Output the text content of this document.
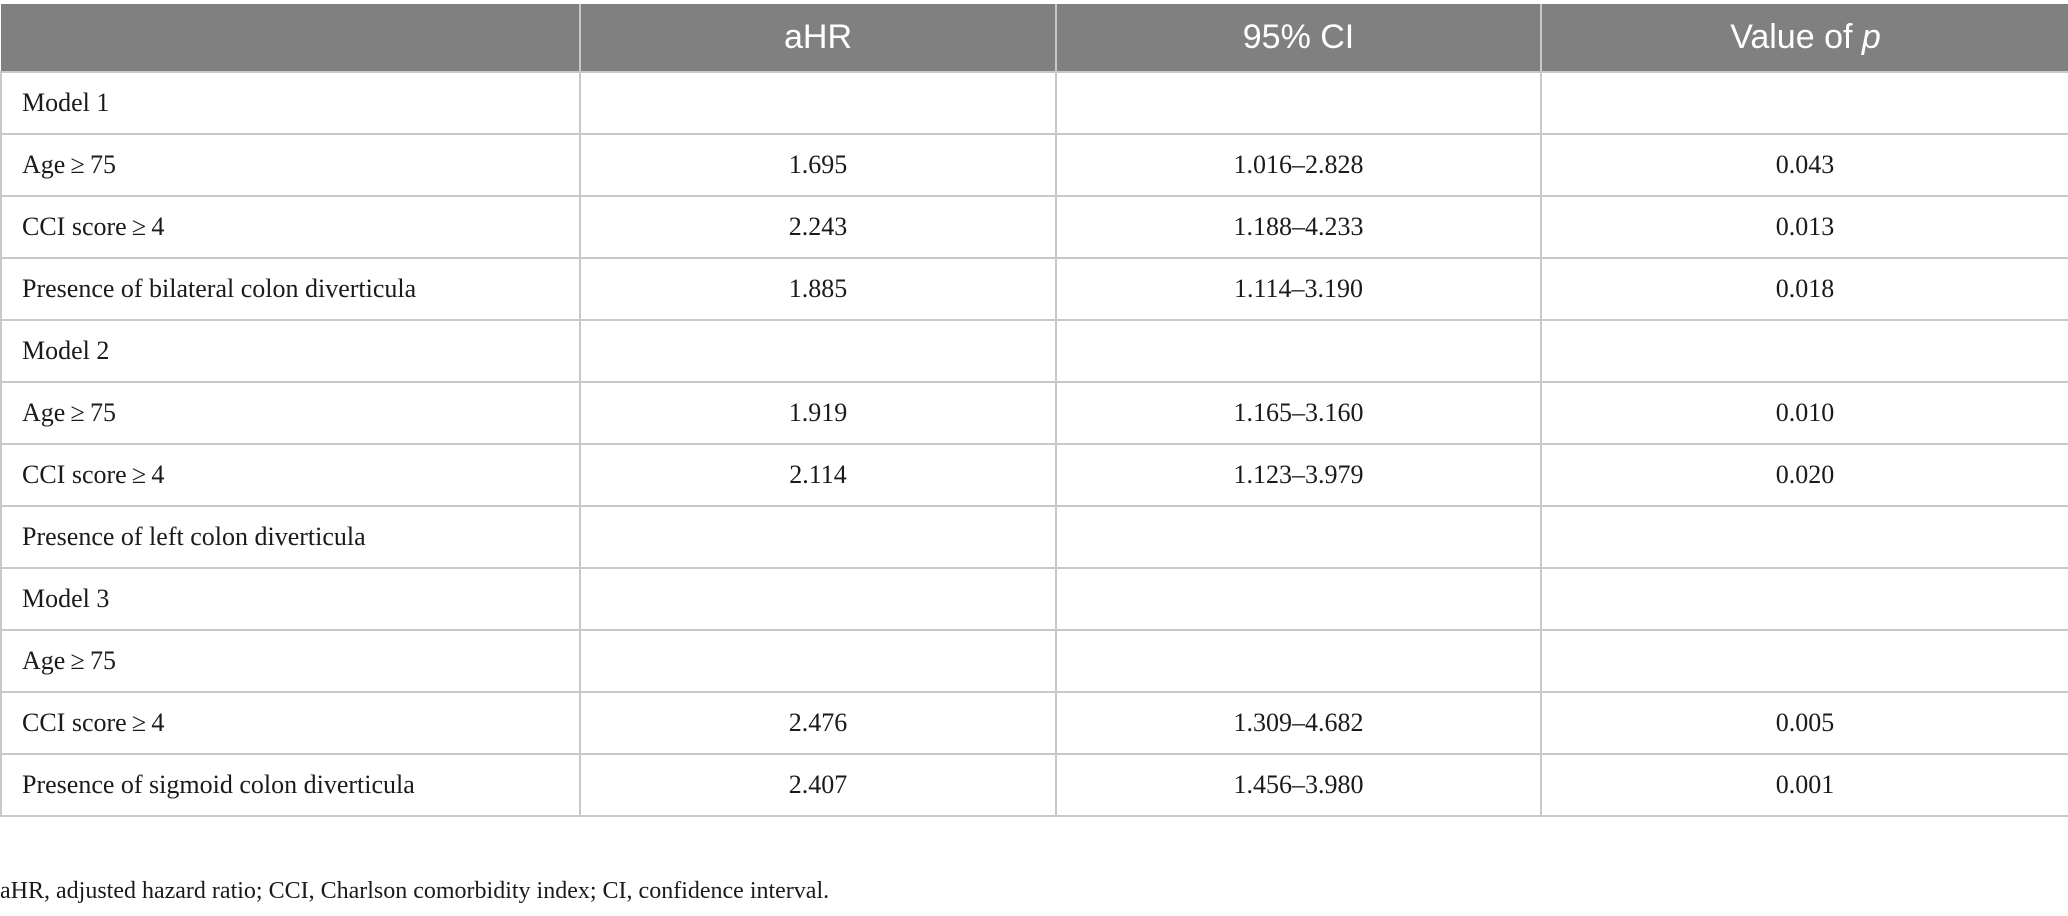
	aHR	95% CI	Value of p
Model 1			
Age ≥ 75	1.695	1.016–2.828	0.043
CCI score ≥ 4	2.243	1.188–4.233	0.013
Presence of bilateral colon diverticula	1.885	1.114–3.190	0.018
Model 2			
Age ≥ 75	1.919	1.165–3.160	0.010
CCI score ≥ 4	2.114	1.123–3.979	0.020
Presence of left colon diverticula			
Model 3			
Age ≥ 75			
CCI score ≥ 4	2.476	1.309–4.682	0.005
Presence of sigmoid colon diverticula	2.407	1.456–3.980	0.001

aHR, adjusted hazard ratio; CCI, Charlson comorbidity index; CI, confidence interval.
